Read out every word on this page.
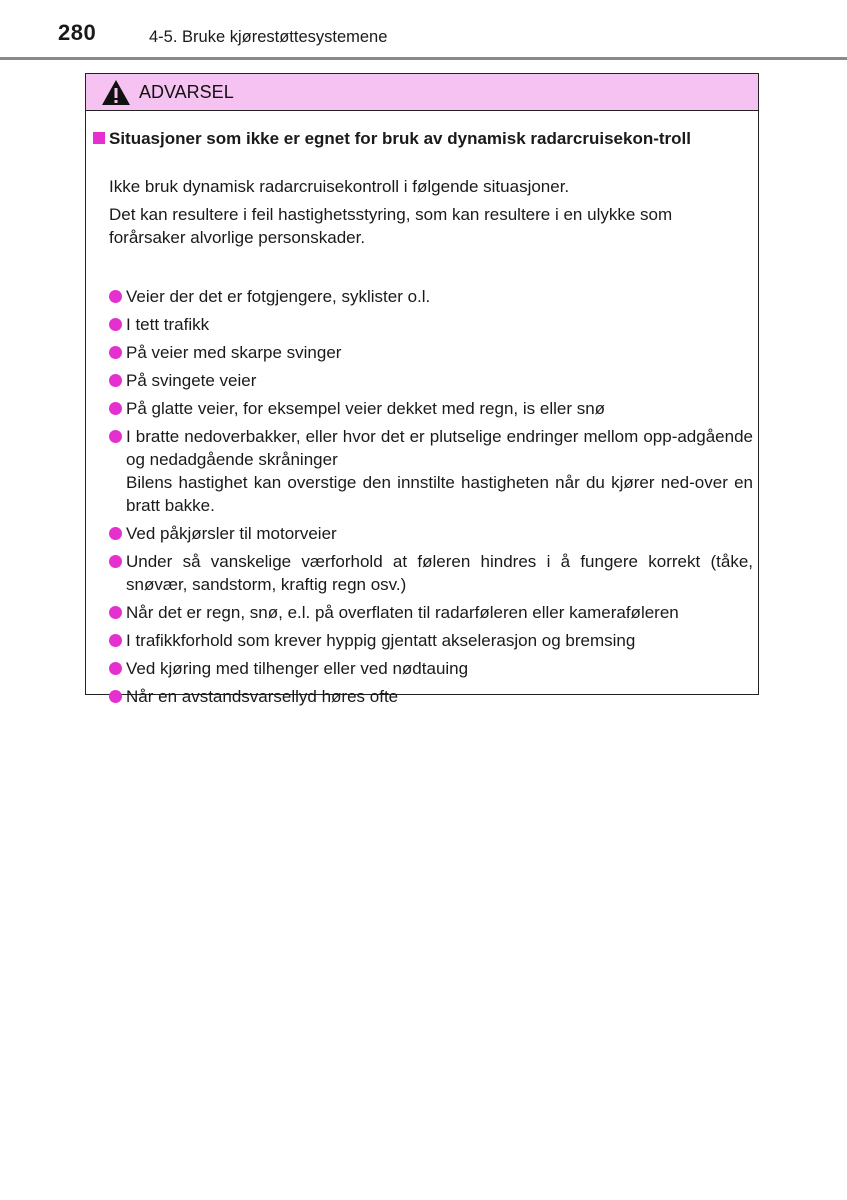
280	4-5. Bruke kjørestøttesystemene
ADVARSEL
Situasjoner som ikke er egnet for bruk av dynamisk radarcruisekon-troll
Ikke bruk dynamisk radarcruisekontroll i følgende situasjoner.
Det kan resultere i feil hastighetsstyring, som kan resultere i en ulykke som forårsaker alvorlige personskader.
Veier der det er fotgjengere, syklister o.l.
I tett trafikk
På veier med skarpe svinger
På svingete veier
På glatte veier, for eksempel veier dekket med regn, is eller snø
I bratte nedoverbakker, eller hvor det er plutselige endringer mellom opp-adgående og nedadgående skråninger
Bilens hastighet kan overstige den innstilte hastigheten når du kjører ned-over en bratt bakke.
Ved påkjørsler til motorveier
Under så vanskelige værforhold at føleren hindres i å fungere korrekt (tåke, snøvær, sandstorm, kraftig regn osv.)
Når det er regn, snø, e.l. på overflaten til radarføleren eller kameraføleren
I trafikkforhold som krever hyppig gjentatt akselerasjon og bremsing
Ved kjøring med tilhenger eller ved nødtauing
Når en avstandsvarsellyd høres ofte
